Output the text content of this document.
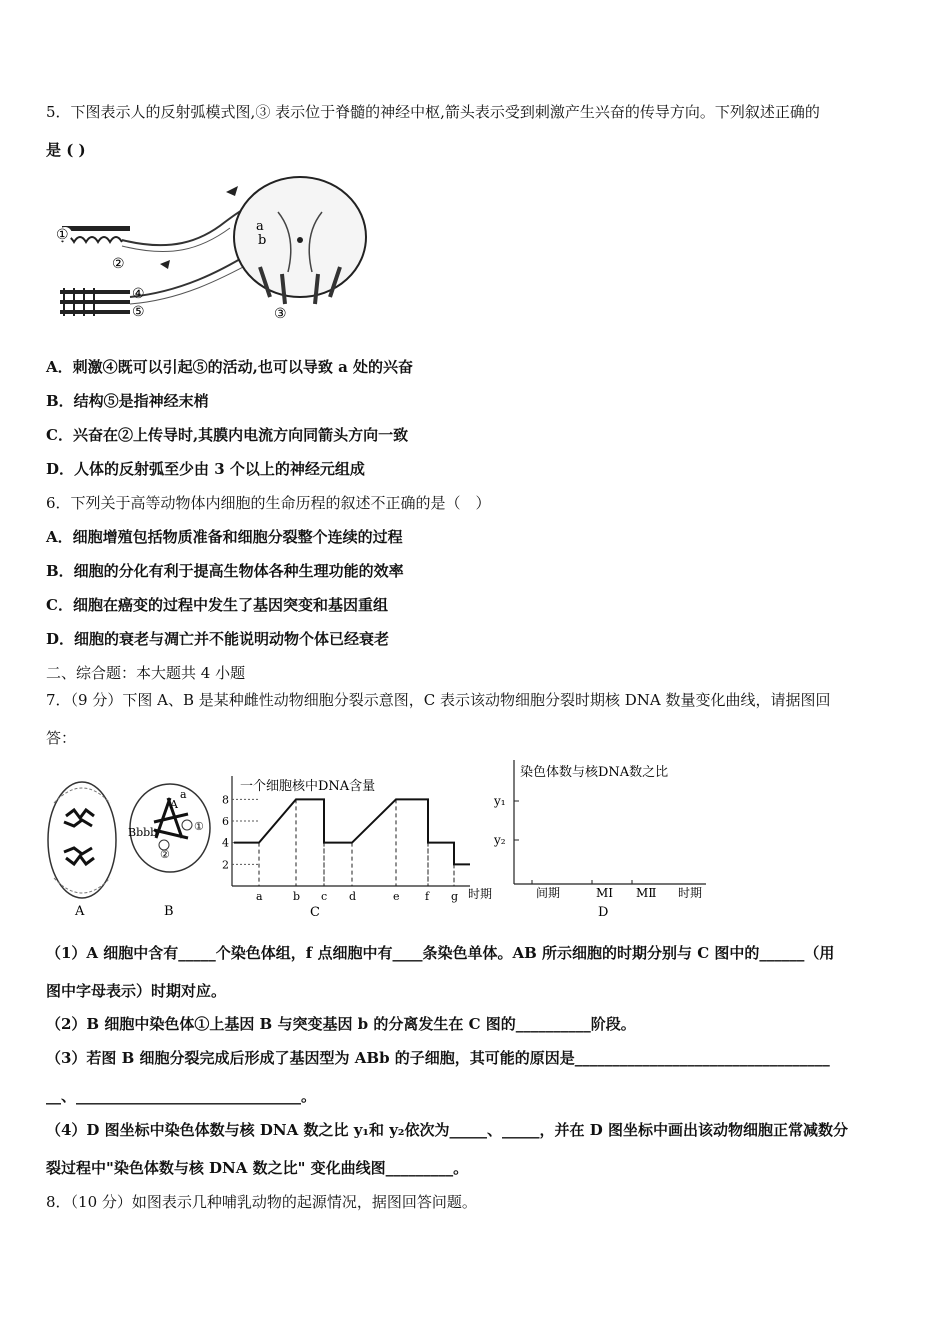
5．下图表示人的反射弧模式图,③ 表示位于脊髓的神经中枢,箭头表示受到刺激产生兴奋的传导方向。下列叙述正确的
是 ( )
①
②
③
④
⑤
a
b
A．刺激④既可以引起⑤的活动,也可以导致 a 处的兴奋
B．结构⑤是指神经末梢
C．兴奋在②上传导时,其膜内电流方向同箭头方向一致
D．人体的反射弧至少由 3 个以上的神经元组成
6．下列关于高等动物体内细胞的生命历程的叙述不正确的是（　）
A．细胞增殖包括物质准备和细胞分裂整个连续的过程
B．细胞的分化有利于提高生物体各种生理功能的效率
C．细胞在癌变的过程中发生了基因突变和基因重组
D．细胞的衰老与凋亡并不能说明动物个体已经衰老
二、综合题：本大题共 4 小题
7．（9 分）下图 A、B 是某种雌性动物细胞分裂示意图，C 表示该动物细胞分裂时期核 DNA 数量变化曲线，请据图回
答：
A
a
A
Bbbb	①
②
B
一个细胞核中DNA含量
2
4
6
8
a	b c d	e f g 时期
C
染色体数与核DNA数之比
y₁
y₂
间期	MⅠ MⅡ 时期
D
（1）A 细胞中含有_____个染色体组，f 点细胞中有____条染色单体。AB 所示细胞的时期分别与 C 图中的______（用
图中字母表示）时期对应。
（2）B 细胞中染色体①上基因 B 与突变基因 b 的分离发生在 C 图的__________阶段。
（3）若图 B 细胞分裂完成后形成了基因型为 ABb 的子细胞，其可能的原因是__________________________________
__、______________________________。
（4）D 图坐标中染色体数与核 DNA 数之比 y₁和 y₂依次为_____、_____，并在 D 图坐标中画出该动物细胞正常减数分
裂过程中"染色体数与核 DNA 数之比" 变化曲线图_________。
8．（10 分）如图表示几种哺乳动物的起源情况，据图回答问题。
